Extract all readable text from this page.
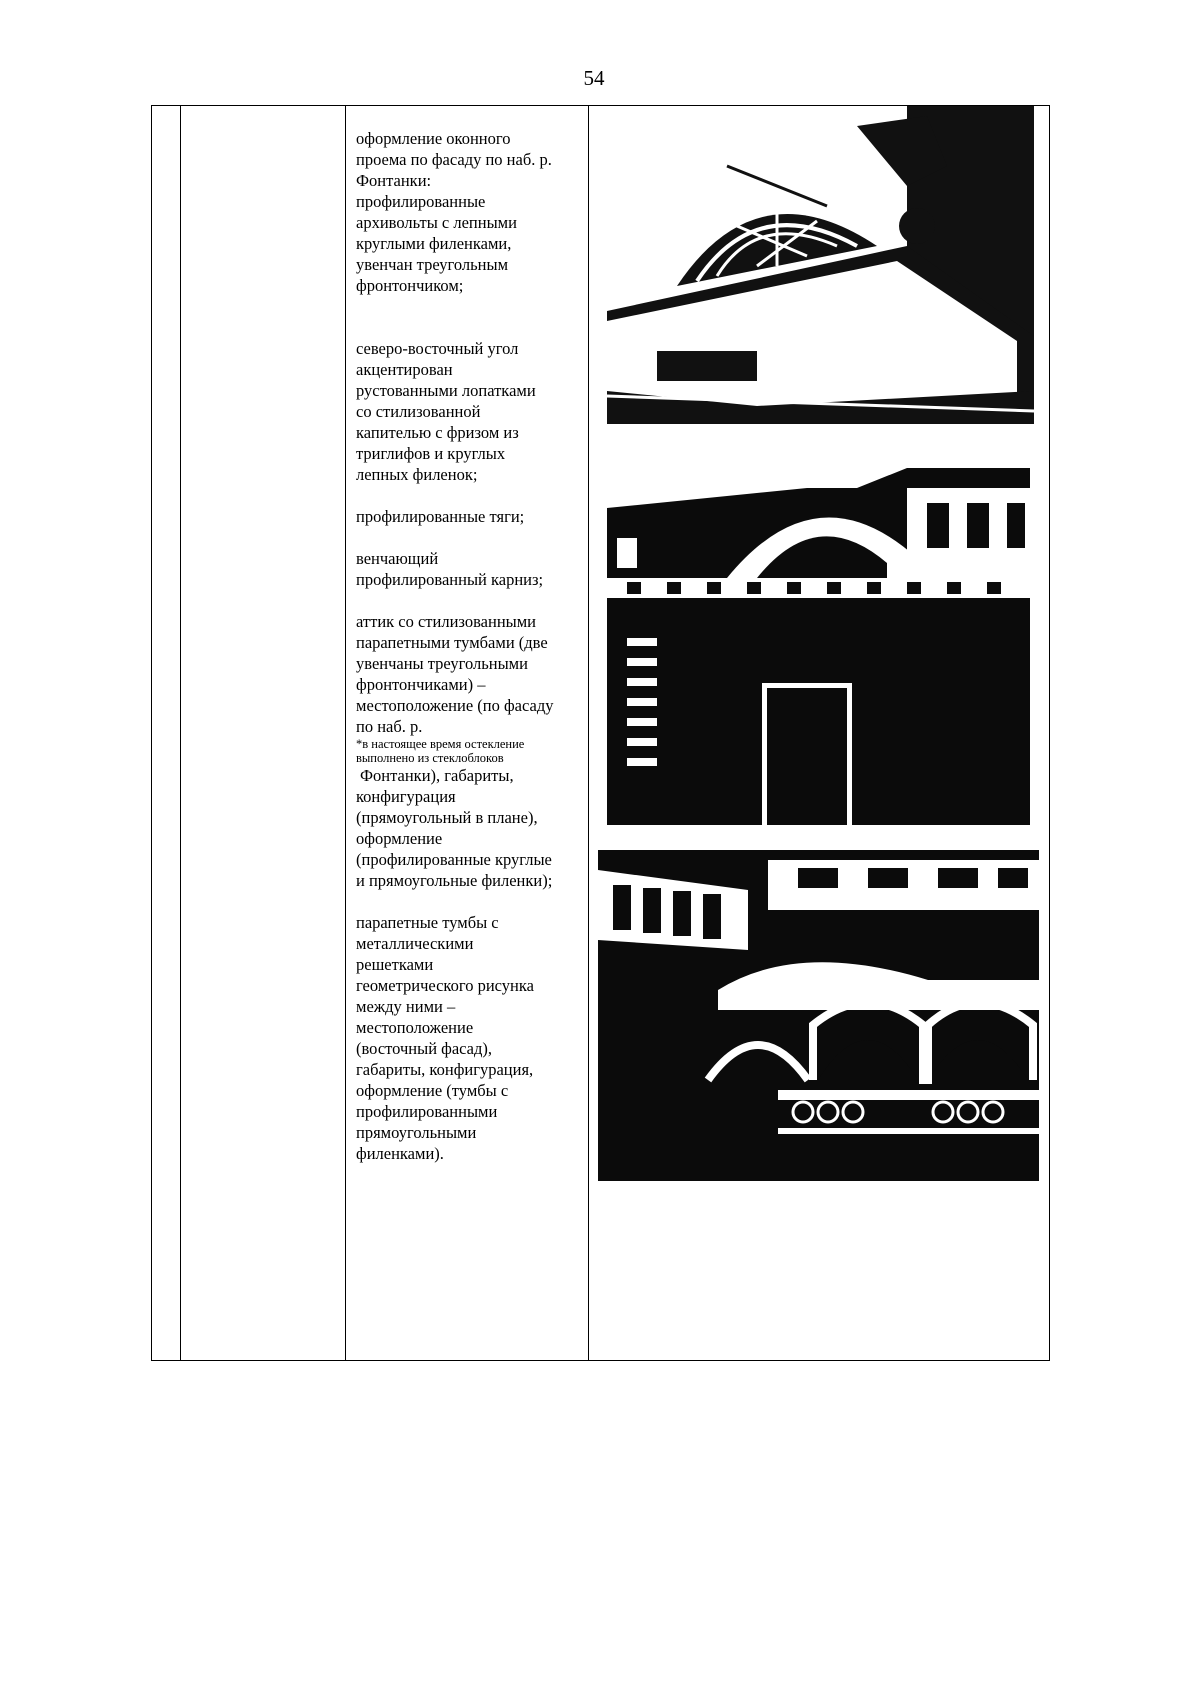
54
оформление оконного
проема по фасаду по наб. р.
Фонтанки:
профилированные
архивольты с лепными
круглыми филенками,
увенчан треугольным
фронтончиком;
северо-восточный угол
акцентирован
рустованными лопатками
со стилизованной
капителью с фризом из
триглифов и круглых
лепных филенок;
профилированные тяги;
венчающий
профилированный карниз;
аттик со стилизованными
парапетными тумбами (две
увенчаны треугольными
фронтончиками) –
местоположение (по фасаду
по наб. р.
*в настоящее время остекление
выполнено из стеклоблоков
Фонтанки), габариты,
конфигурация
(прямоугольный в плане),
оформление
(профилированные круглые
и прямоугольные филенки);
парапетные тумбы с
металлическими
решетками
геометрического рисунка
между ними –
местоположение
(восточный фасад),
габариты, конфигурация,
оформление (тумбы с
профилированными
прямоугольными
филенками).
